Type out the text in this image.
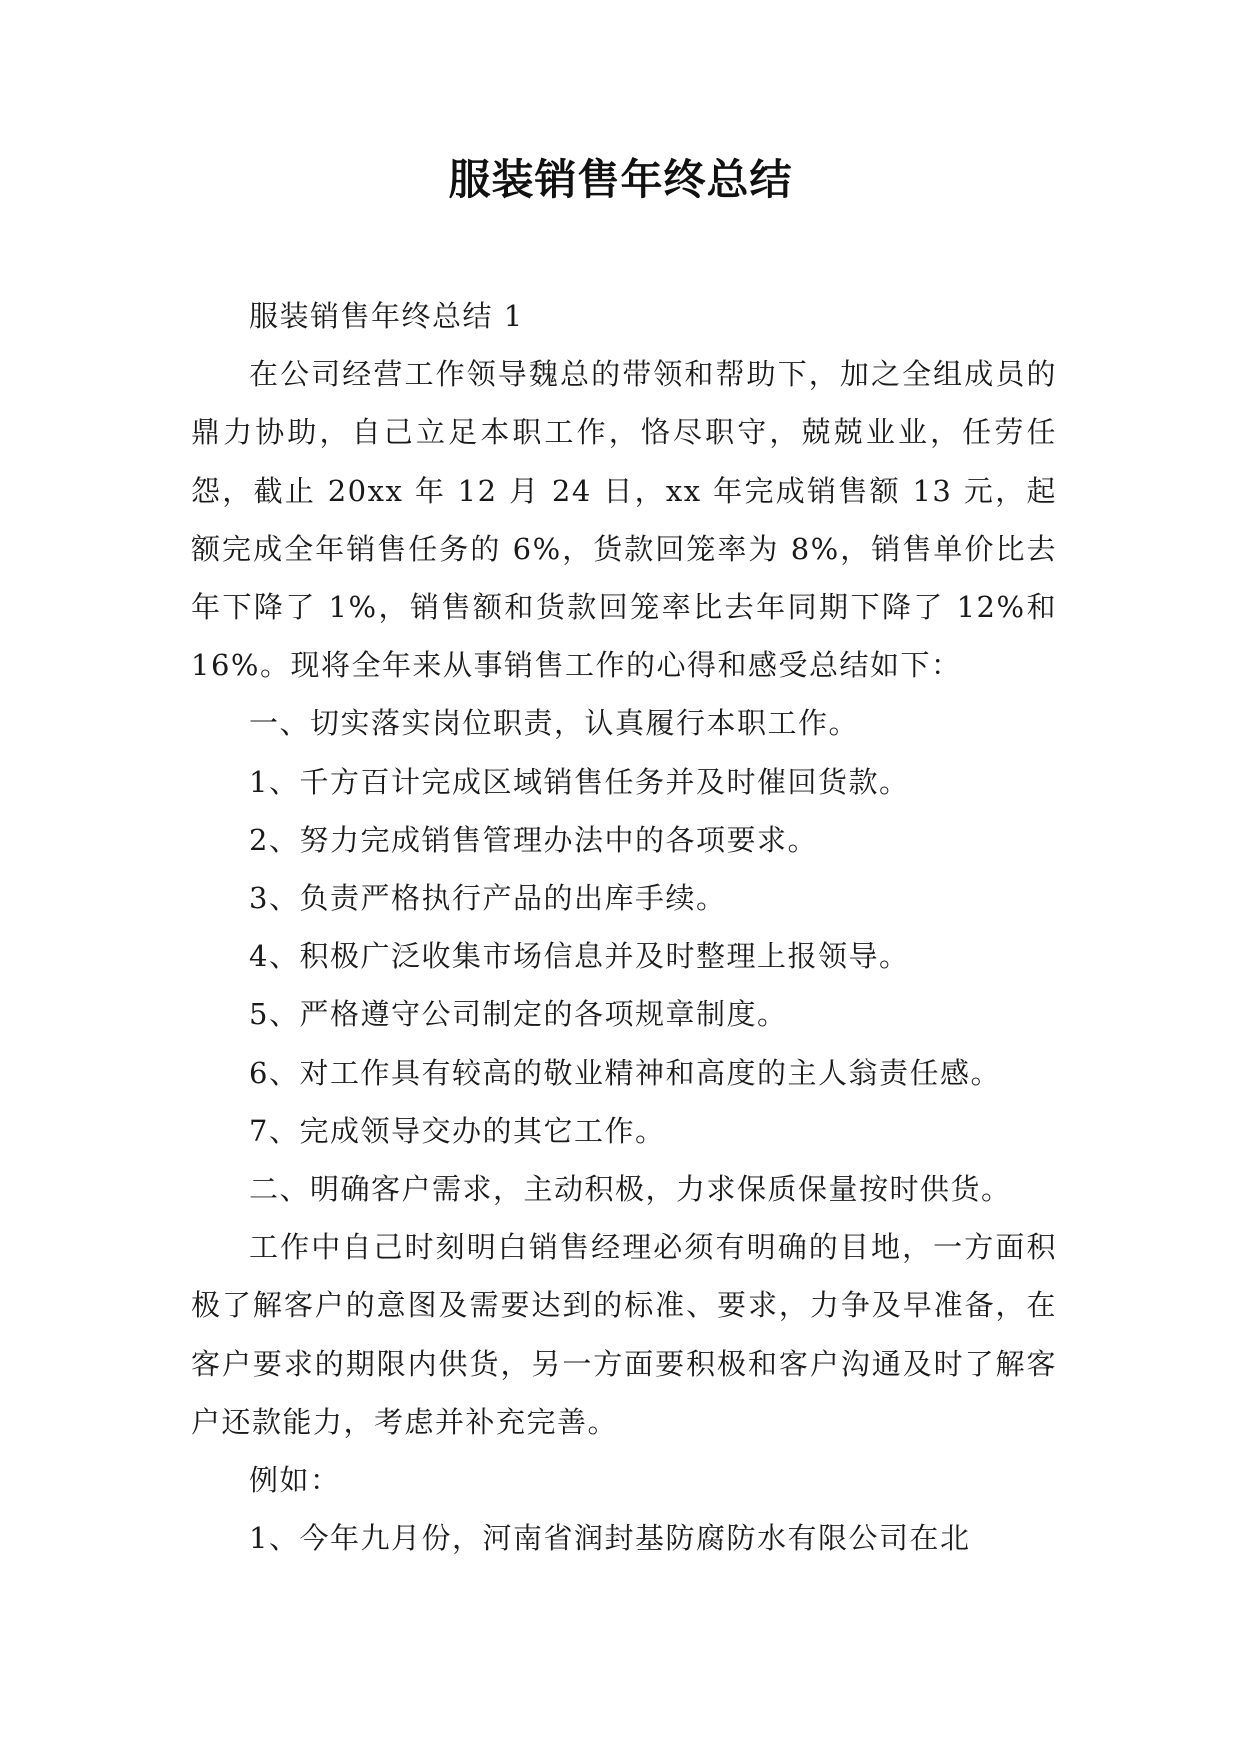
服装销售年终总结

服装销售年终总结 1

在公司经营工作领导魏总的带领和帮助下，加之全组成员的鼎力协助，自己立足本职工作，恪尽职守，兢兢业业，任劳任怨，截止 20xx 年 12 月 24 日，xx 年完成销售额 13 元，起额完成全年销售任务的 6%，货款回笼率为 8%，销售单价比去年下降了 1%，销售额和货款回笼率比去年同期下降了 12%和 16%。现将全年来从事销售工作的心得和感受总结如下：

一、切实落实岗位职责，认真履行本职工作。

1、千方百计完成区域销售任务并及时催回货款。

2、努力完成销售管理办法中的各项要求。

3、负责严格执行产品的出库手续。

4、积极广泛收集市场信息并及时整理上报领导。

5、严格遵守公司制定的各项规章制度。

6、对工作具有较高的敬业精神和高度的主人翁责任感。

7、完成领导交办的其它工作。

二、明确客户需求，主动积极，力求保质保量按时供货。

工作中自己时刻明白销售经理必须有明确的目地，一方面积极了解客户的意图及需要达到的标准、要求，力争及早准备，在客户要求的期限内供货，另一方面要积极和客户沟通及时了解客户还款能力，考虑并补充完善。

例如：

1、今年九月份，河南省润封基防腐防水有限公司在北
